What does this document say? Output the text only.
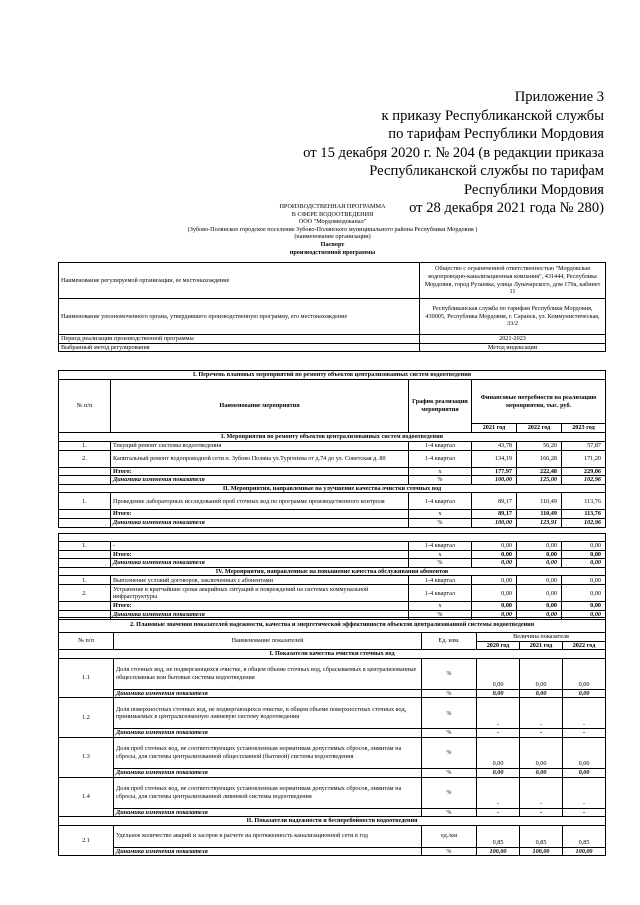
Приложение 3
к приказу Республиканской службы
по тарифам Республики Мордовия
от 15 декабря 2020 г. № 204 (в редакции приказа
Республиканской службы по тарифам
Республики Мордовия
от 28 декабря 2021 года № 280)
ПРОИЗВОДСТВЕННАЯ ПРОГРАММА
В СФЕРЕ ВОДООТВЕДЕНИЯ
ООО "Мордовводоканал"
(Зубово-Полянское городское поселение Зубово-Полянского муниципального района Республики Мордовия )
(наименование организации)
Паспорт
производственной программы
Наименование регулируемой организации, ее местонахождение	Общество с ограниченной ответственностью "Мордовская водопроводно-канализационная компания", 431444, Республика Мордовия, город Рузаевка, улица Луначарского, дом 179а, кабинет 11
Наименование уполномоченного органа, утвердившего производственную программу, его местонахождение	Республиканская служба по тарифам Республики Мордовия, 430005, Республика Мордовия, г. Саранск, ул. Коммунистическая, 33/2
Период реализации производственной программы	2021-2023
Выбранный метод регулирования	Метод индексации
I. Перечень плановых мероприятий по ремонту объектов централизованных систем водоотведения					
№ п/п	Наименование мероприятия	График реализации мероприятия	Финансовые потребности на реализацию мероприятия, тыс. руб.		
			2021 год	2022 год	2023 год
I. Мероприятия по ремонту объектов централизованных систем водоотведения					
1.	Текущий ремонт системы водоотведения	1-4 квартал	43,78	56,20	57,87
2.	Капитальный ремонт водопроводной сети п. Зубово Поляна ул.Тургенева от д.74 до ул. Советская д. 80	1-4 квартал	134,19	166,28	171,20
	Итого:	х	177,97	222,48	229,06
	Динамика изменения показателя	%	100,00	125,00	102,96
II. Мероприятия, направленные на улучшение качества очистки сточных вод					
1.	Проведение лабораторных исследований проб сточных вод по программе производственного контроля	1-4 квартал	89,17	110,49	113,76
	Итого:	х	89,17	110,49	113,76
	Динамика изменения показателя	%	100,00	123,91	102,96

1.	-	1-4 квартал	0,00	0,00	0,00
	Итого:	х	0,00	0,00	0,00
	Динамика изменения показателя	%	0,00	0,00	0,00
IV. Мероприятия, направленные на повышение качества обслуживания абонентов					
1.	Выполнение условий договоров, заключенных с абонентами	1-4 квартал	0,00	0,00	0,00
2.	Устранение в кратчайшие сроки аварийных ситуаций и повреждений на системах коммунальной инфраструктуры	1-4 квартал	0,00	0,00	0,00
	Итого:	х	0,00	0,00	0,00
	Динамика изменения показателя	%	0,00	0,00	0,00
2. Плановые значения показателей надежности, качества и энергетической эффективности объектов централизованной системы водоотведения					
№ п/п	Наименование показателей	Ед. изм.	Величина показателя		
			2020 год	2021 год	2022 год
I. Показатели качества очистки сточных вод					
1.1	Доля сточных вод, не подвергающихся очистке, в общем объеме сточных вод, сбрасываемых в централизованные общесплавные или бытовые системы водоотведения	%	0,00	0,00	0,00
	Динамика изменения показателя	%	0,00	0,00	0,00
1.2	Доля поверхностных сточных вод, не подвергающихся очистке, в общем объеме поверхностных сточных вод, принимаемых в централизованную ливневую систему водоотведения	%	-	-	-
	Динамика изменения показателя	%	-	-	-
1.3	Доля проб сточных вод, не соответствующих установленным нормативам допустимых сбросов, лимитам на сбросы, для системы централизованной общесплавной (бытовой) системы водоотведения	%	0,00	0,00	0,00
	Динамика изменения показателя	%	0,00	0,00	0,00
1.4	Доля проб сточных вод, не соответствующих установленным нормативам допустимых сбросов, лимитам на сбросы, для системы централизованной ливневой системы водоотведения	%	-	-	-
	Динамика изменения показателя	%	-	-	-
II. Показатели надежности и бесперебойности водоотведения					
2.1	Удельное количество аварий и засоров в расчете на протяженность канализационной сети в год	ед./км	0,85	0,85	0,85
	Динамика изменения показателя	%	100,00	100,00	100,00
